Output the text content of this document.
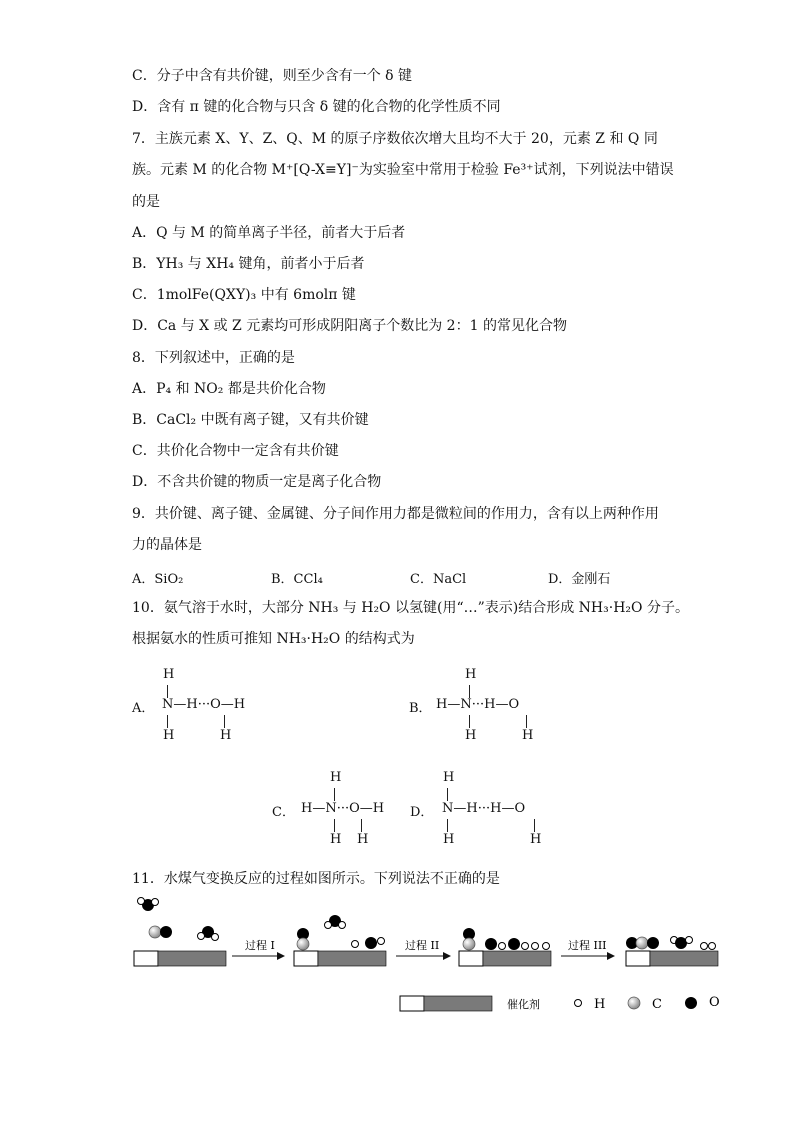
C．分子中含有共价键，则至少含有一个 δ 键
D．含有 π 键的化合物与只含 δ 键的化合物的化学性质不同
7．主族元素 X、Y、Z、Q、M 的原子序数依次增大且均不大于 20，元素 Z 和 Q 同
族。元素 M 的化合物 M⁺[Q-X≡Y]⁻为实验室中常用于检验 Fe³⁺试剂，下列说法中错误
的是
A．Q 与 M 的简单离子半径，前者大于后者
B．YH₃ 与 XH₄ 键角，前者小于后者
C．1molFe(QXY)₃ 中有 6molπ 键
D．Ca 与 X 或 Z 元素均可形成阴阳离子个数比为 2：1 的常见化合物
8．下列叙述中，正确的是
A．P₄ 和 NO₂ 都是共价化合物
B．CaCl₂ 中既有离子键，又有共价键
C．共价化合物中一定含有共价键
D．不含共价键的物质一定是离子化合物
9．共价键、离子键、金属键、分子间作用力都是微粒间的作用力，含有以上两种作用
力的晶体是
A．SiO₂	B．CCl₄	C．NaCl	D．金刚石
10．氨气溶于水时，大部分 NH₃ 与 H₂O 以氢键(用“…”表示)结合形成 NH₃·H₂O 分子。
根据氨水的性质可推知 NH₃·H₂O 的结构式为
A．
H
N—H···O—H
H	H
B．
H
H—N···H—O
H	H
C．
H
H—N···O—H
H H
D．
H
N—H···H—O
H	H
11．水煤气变换反应的过程如图所示。下列说法不正确的是
过程 I	过程 II	过程 III
催化剂	H	C	O
